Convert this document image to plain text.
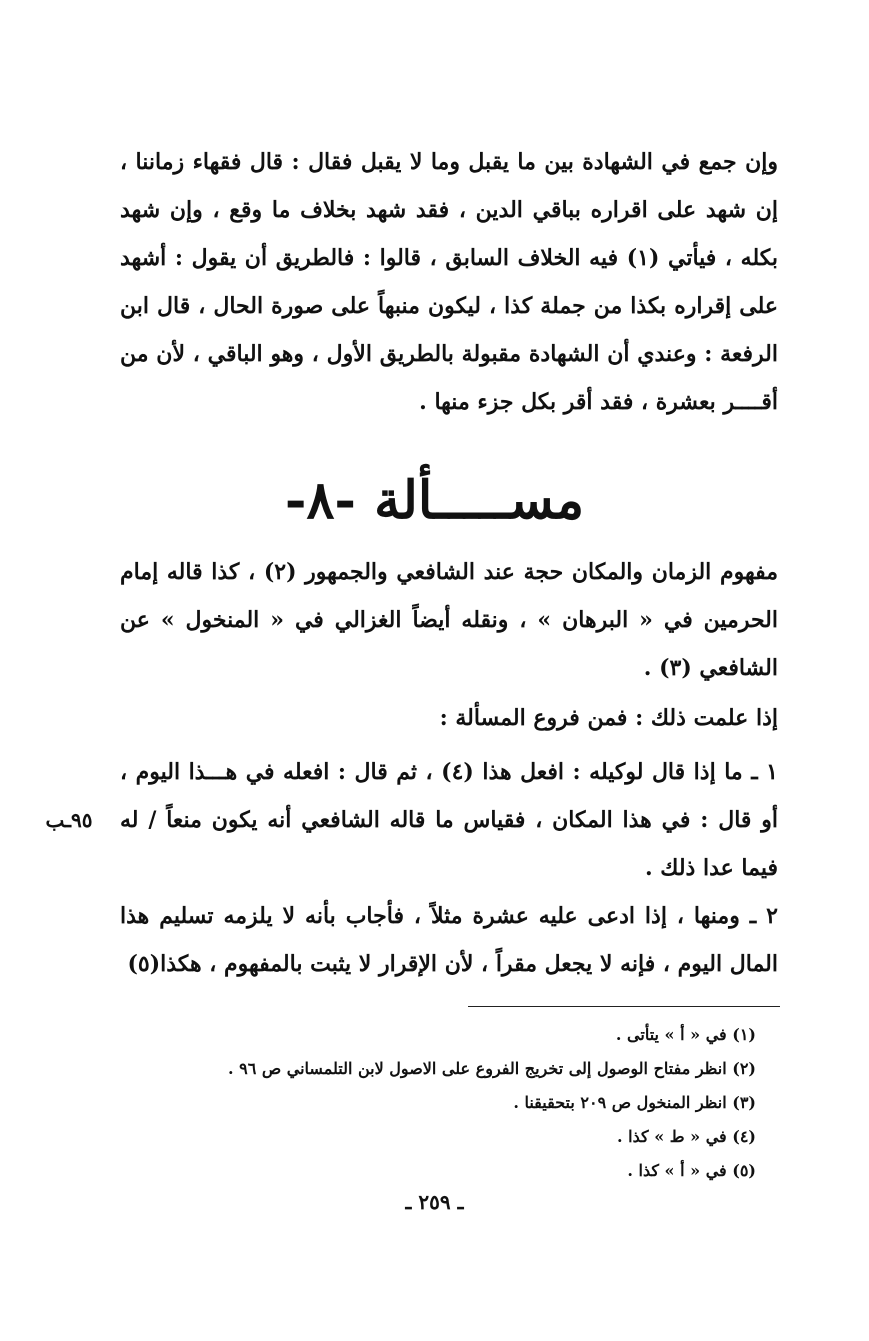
وإن جمع في الشهادة بين ما يقبل وما لا يقبل فقال : قال فقهاء زماننا ، إن شهد على اقراره بباقي الدين ، فقد شهد بخلاف ما وقع ، وإن شهد بكله ، فيأتي (١) فيه الخلاف السابق ، قالوا : فالطريق أن يقول : أشهد على إقراره بكذا من جملة كذا ، ليكون منبهاً على صورة الحال ، قال ابن الرفعة : وعندي أن الشهادة مقبولة بالطريق الأول ، وهو الباقي ، لأن من أقــــر بعشرة ، فقد أقر بكل جزء منها .

مســـــألة -٨-

مفهوم الزمان والمكان حجة عند الشافعي والجمهور (٢) ، كذا قاله إمام الحرمين في « البرهان » ، ونقله أيضاً الغزالي في « المنخول » عن الشافعي (٣) .

إذا علمت ذلك : فمن فروع المسألة :

١ ـ ما إذا قال لوكيله : افعل هذا (٤) ، ثم قال : افعله في هـــذا اليوم ، أو قال : في هذا المكان ، فقياس ما قاله الشافعي أنه يكون منعاً / له فيما عدا ذلك .

٩٥ـب

٢ ـ ومنها ، إذا ادعى عليه عشرة مثلاً ، فأجاب بأنه لا يلزمه تسليم هذا المال اليوم ، فإنه لا يجعل مقراً ، لأن الإقرار لا يثبت بالمفهوم ، هكذا(٥)

(١) في « أ » يتأتى .
(٢) انظر مفتاح الوصول إلى تخريج الفروع على الاصول لابن التلمساني ص ٩٦ .
(٣) انظر المنخول ص ٢٠٩ بتحقيقنا .
(٤) في « ط » كذا .
(٥) في « أ » كذا .
ـ ٢٥٩ ـ
